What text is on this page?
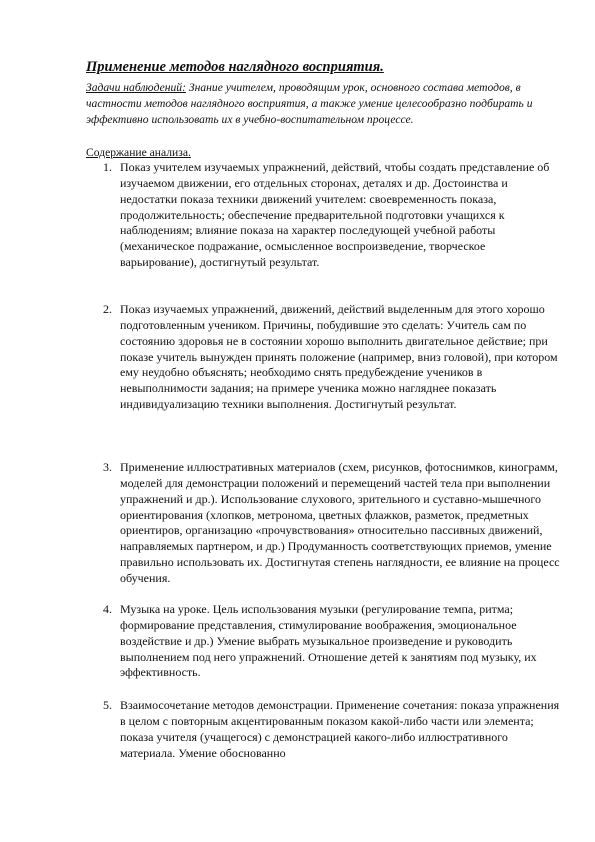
Применение методов наглядного восприятия.
Задачи наблюдений: Знание учителем, проводящим урок, основного состава методов, в частности методов наглядного восприятия, а также умение целесообразно подбирать и эффективно использовать их в учебно-воспитательном процессе.
Содержание анализа.
1. Показ учителем изучаемых упражнений, действий, чтобы создать представление об изучаемом движении, его отдельных сторонах, деталях и др. Достоинства и недостатки показа техники движений учителем: своевременность показа, продолжительность; обеспечение предварительной подготовки учащихся к наблюдениям; влияние показа на характер последующей учебной работы (механическое подражание, осмысленное воспроизведение, творческое варьирование), достигнутый результат.
2. Показ изучаемых упражнений, движений, действий выделенным для этого хорошо подготовленным учеником. Причины, побудившие это сделать: Учитель сам по состоянию здоровья не в состоянии хорошо выполнить двигательное действие; при показе учитель вынужден принять положение (например, вниз головой), при котором ему неудобно объяснять; необходимо снять предубеждение учеников в невыполнимости задания; на примере ученика можно нагляднее показать индивидуализацию техники выполнения. Достигнутый результат.
3. Применение иллюстративных материалов (схем, рисунков, фотоснимков, кинограмм, моделей для демонстрации положений и перемещений частей тела при выполнении упражнений и др.). Использование слухового, зрительного и суставно-мышечного ориентирования (хлопков, метронома, цветных флажков, разметок, предметных ориентиров, организацию «прочувствования» относительно пассивных движений, направляемых партнером, и др.) Продуманность соответствующих приемов, умение правильно использовать их. Достигнутая степень наглядности, ее влияние на процесс обучения.
4. Музыка на уроке. Цель использования музыки (регулирование темпа, ритма; формирование представления, стимулирование воображения, эмоциональное воздействие и др.) Умение выбрать музыкальное произведение и руководить выполнением под него упражнений. Отношение детей к занятиям под музыку, их эффективность.
5. Взаимосочетание методов демонстрации. Применение сочетания: показа упражнения в целом с повторным акцентированным показом какой-либо части или элемента; показа учителя (учащегося) с демонстрацией какого-либо иллюстративного материала. Умение обоснованно
